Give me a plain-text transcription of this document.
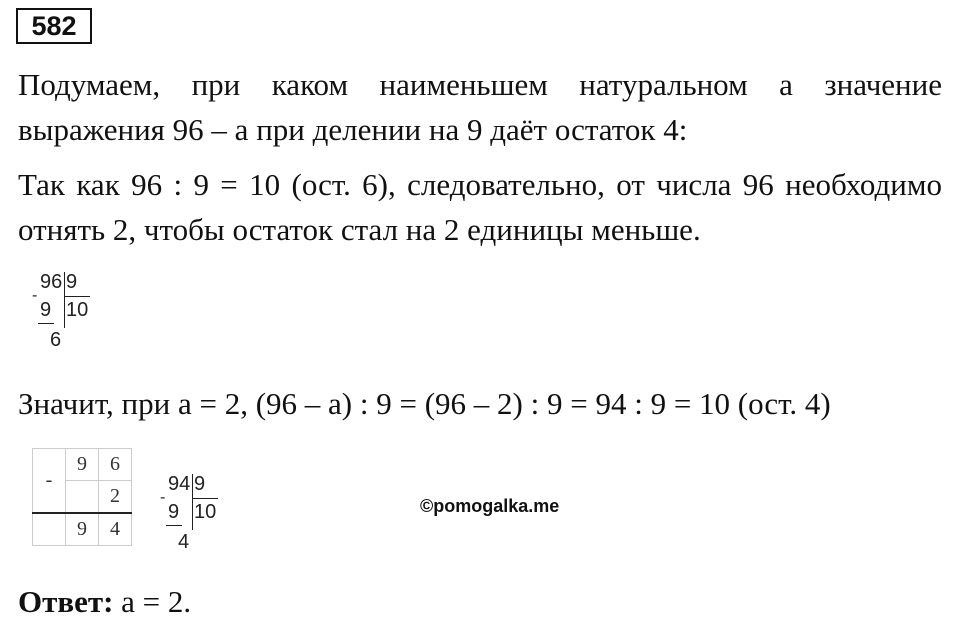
582

Подумаем, при каком наименьшем натуральном а значение выражения 96 – а при делении на 9 даёт остаток 4:

Так как 96 : 9 = 10 (ост. 6), следовательно, от числа 96 необходимо отнять 2, чтобы остаток стал на 2 единицы меньше.

96 9
-
9 10
6
Значит, при а = 2, (96 – а) : 9 = (96 – 2) : 9 = 94 : 9 = 10 (ост. 4)
-	9	6
		2
	9	4
94 9
-
9 10
4
©pomogalka.me
Ответ: а = 2.
